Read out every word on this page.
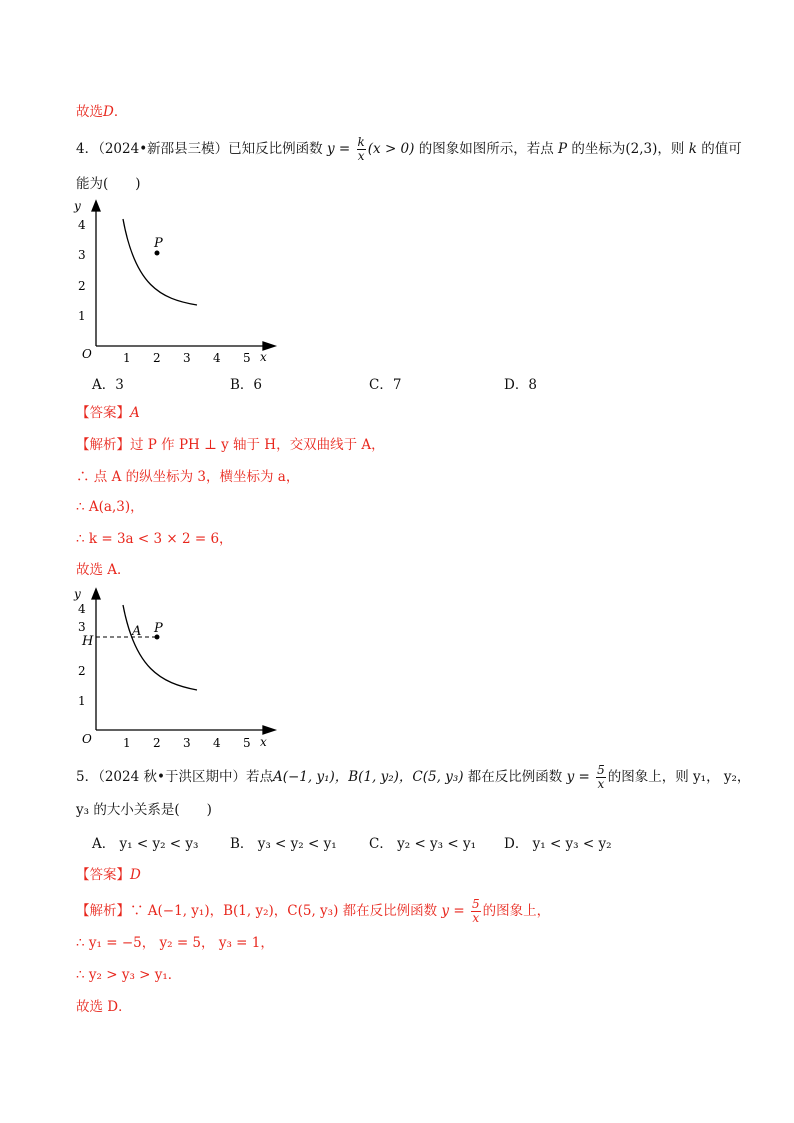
故选D．
4．（2024•新邵县三模）已知反比例函数 $y = \frac{k}{x} (x > 0)$ 的图象如图所示，若点 P 的坐标为(2,3)，则 k 的值可
能为(　　)
P
y
x
O	1 2 3 4 5
1
2
3
4
A．3	B．6	C．7	D．8
【答案】A
【解析】过 P 作 PH ⊥ y 轴于 H，交双曲线于 A，
∴ 点 A 的纵坐标为 3，横坐标为 a，
∴ A(a,3)，
∴ k = 3a < 3 × 2 = 6，
故选 A．
P
A
H
y
x
O	1 2 3 4 5
1
2
3
4
5．（2024 秋•于洪区期中）若点A(−1, y₁)，B(1, y₂)，C(5, y₃) 都在反比例函数 $y = \frac{5}{x}$ 的图象上，则 y₁， y₂，
y₃ 的大小关系是(　　)
A． y₁ < y₂ < y₃ B． y₃ < y₂ < y₁ C． y₂ < y₃ < y₁ D． y₁ < y₃ < y₂
【答案】D
【解析】∵ A(−1, y₁)，B(1, y₂)，C(5, y₃) 都在反比例函数 $y = \frac{5}{x}$ 的图象上，
∴ y₁ = −5， y₂ = 5， y₃ = 1，
∴ y₂ > y₃ > y₁．
故选 D．
